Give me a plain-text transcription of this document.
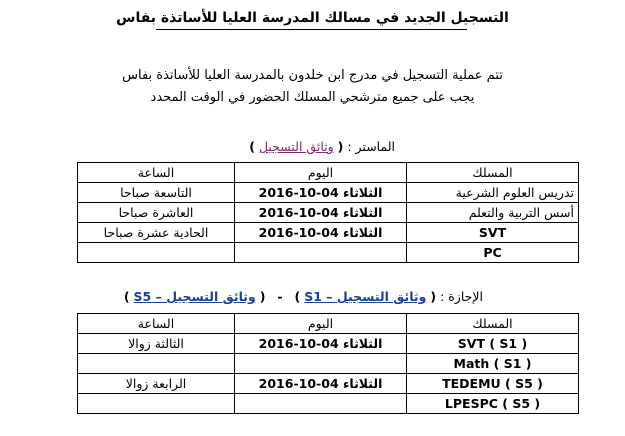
التسجيل الجديد في مسالك المدرسة العليا للأساتذة بفاس
تتم عملية التسجيل في مدرج ابن خلدون بالمدرسة العليا للأساتذة بفاس
يجب على جميع مترشحي المسلك الحضور في الوقت المحدد
الماستر : ( وثائق التسجيل )
المسلك	اليوم	الساعة
تدريس العلوم الشرعية	الثلاثاء 04-10-2016	التاسعة صباحا
أسس التربية والتعلم	الثلاثاء 04-10-2016	العاشرة صباحا
SVT	الثلاثاء 04-10-2016	الحادية عشرة صباحا
PC		
الإجازة : ( وثائق التسجيل – S1 )   -   ( وثائق التسجيل – S5 )
المسلك	اليوم	الساعة
SVT ( S1 )	الثلاثاء 04-10-2016	الثالثة زوالا
Math ( S1 )		
TEDEMU ( S5 )	الثلاثاء 04-10-2016	الرابعة زوالا
LPESPC ( S5 )		
